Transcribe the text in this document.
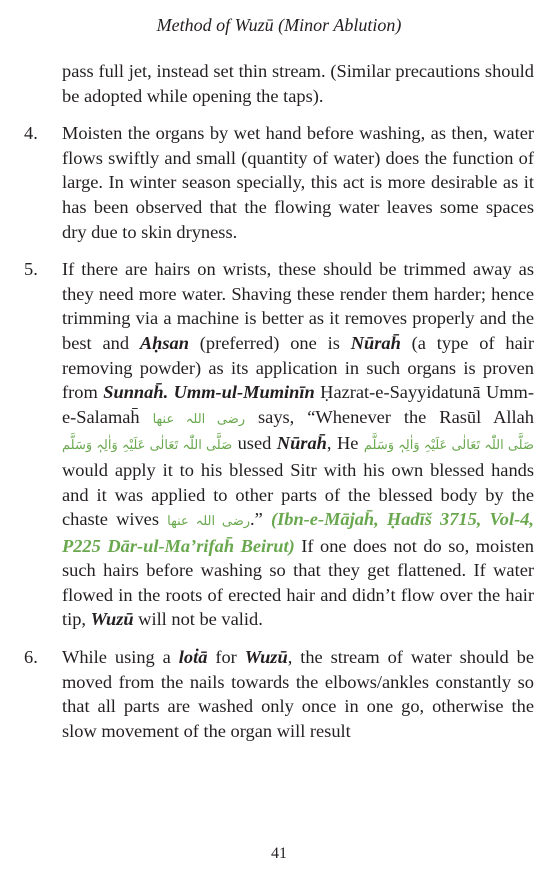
Method of Wuzū (Minor Ablution)

pass full jet, instead set thin stream. (Similar precautions should be adopted while opening the taps).

4.	Moisten the organs by wet hand before washing, as then, water flows swiftly and small (quantity of water) does the function of large. In winter season specially, this act is more desirable as it has been observed that the flowing water leaves some spaces dry due to skin dryness.
5.	If there are hairs on wrists, these should be trimmed away as they need more water. Shaving these render them harder; hence trimming via a machine is better as it removes properly and the best and Aḥsan (preferred) one is Nūrah̄ (a type of hair removing powder) as its application in such organs is proven from Sunnah̄. Umm-ul-Muminīn Ḥazrat-e-Sayyidatunā Umm-e-Salamah̄ رضی اللہ عنھا says, “Whenever the Rasūl Allah صَلَّی اللّٰہ تَعَالٰی عَلَیْہِ وَاٰلِہٖ وَسَلَّم used Nūrah̄, He صَلَّی اللّٰہ تَعَالٰی عَلَیْہِ وَاٰلِہٖ وَسَلَّم would apply it to his blessed Sitr with his own blessed hands and it was applied to other parts of the blessed body by the chaste wives رضی اللہ عنھا.” (Ibn-e-Mājah̄, Ḥadīš 3715, Vol-4, P225 Dār-ul-Ma’rifah̄ Beirut) If one does not do so, moisten such hairs before washing so that they get flattened. If water flowed in the roots of erected hair and didn’t flow over the hair tip, Wuzū will not be valid.
6.	While using a loṫā for Wuzū, the stream of water should be moved from the nails towards the elbows/ankles constantly so that all parts are washed only once in one go, otherwise the slow movement of the organ will result
41
